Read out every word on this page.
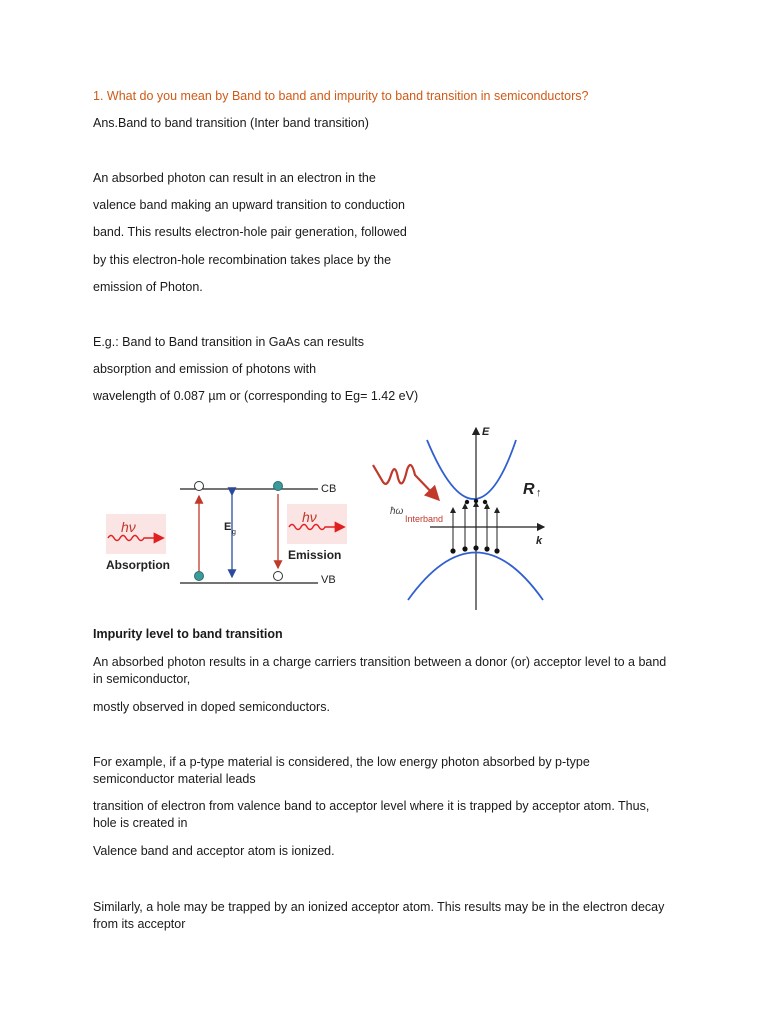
1. What do you mean by Band to band and impurity to band transition in semiconductors?
Ans.Band to band transition (Inter band transition)
An absorbed photon can result in an electron in the
valence band making an upward transition to conduction
band. This results electron-hole pair generation, followed
by this electron-hole recombination takes place by the
emission of Photon.
E.g.: Band to Band transition in GaAs can results
absorption and emission of photons with
wavelength of 0.087 µm or (corresponding to Eg= 1.42 eV)
hν
hν
CB
VB
E g
Absorption
Emission
E
k
R ↑
ħω
Interband
Impurity level to band transition
An absorbed photon results in a charge carriers transition between a donor (or) acceptor level to a band in semiconductor,
mostly observed in doped semiconductors.
For example, if a p-type material is considered, the low energy photon absorbed by p-type semiconductor material leads
transition of electron from valence band to acceptor level where it is trapped by acceptor atom. Thus, hole is created in
Valence band and acceptor atom is ionized.
Similarly, a hole may be trapped by an ionized acceptor atom. This results may be in the electron decay from its acceptor
